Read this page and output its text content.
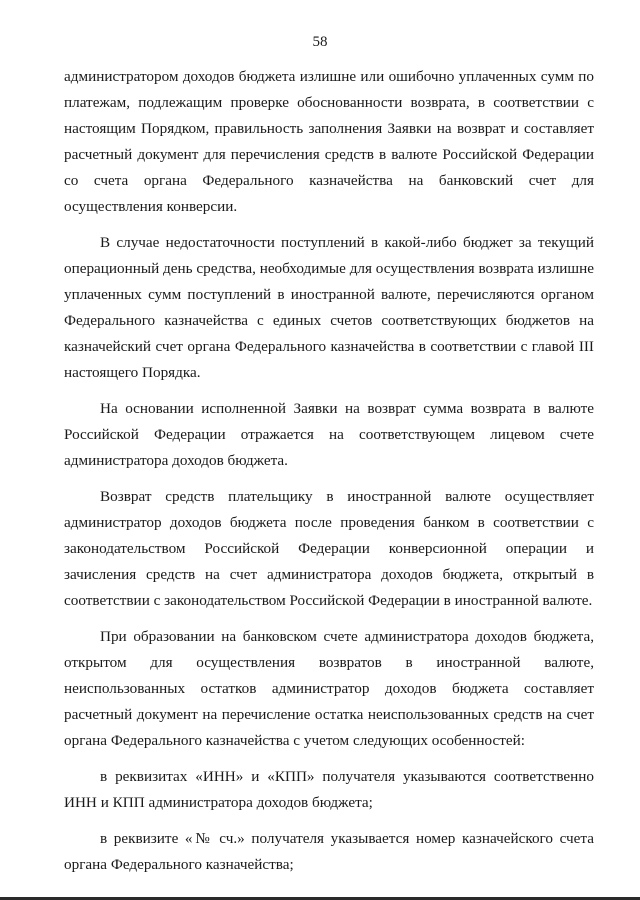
58

администратором доходов бюджета излишне или ошибочно уплаченных сумм по платежам, подлежащим проверке обоснованности возврата, в соответствии с настоящим Порядком, правильность заполнения Заявки на возврат и составляет расчетный документ для перечисления средств в валюте Российской Федерации со счета органа Федерального казначейства на банковский счет для осуществления конверсии.

В случае недостаточности поступлений в какой-либо бюджет за текущий операционный день средства, необходимые для осуществления возврата излишне уплаченных сумм поступлений в иностранной валюте, перечисляются органом Федерального казначейства с единых счетов соответствующих бюджетов на казначейский счет органа Федерального казначейства в соответствии с главой III настоящего Порядка.

На основании исполненной Заявки на возврат сумма возврата в валюте Российской Федерации отражается на соответствующем лицевом счете администратора доходов бюджета.

Возврат средств плательщику в иностранной валюте осуществляет администратор доходов бюджета после проведения банком в соответствии с законодательством Российской Федерации конверсионной операции и зачисления средств на счет администратора доходов бюджета, открытый в соответствии с законодательством Российской Федерации в иностранной валюте.

При образовании на банковском счете администратора доходов бюджета, открытом для осуществления возвратов в иностранной валюте, неиспользованных остатков администратор доходов бюджета составляет расчетный документ на перечисление остатка неиспользованных средств на счет органа Федерального казначейства с учетом следующих особенностей:

в реквизитах «ИНН» и «КПП» получателя указываются соответственно ИНН и КПП администратора доходов бюджета;

в реквизите «№ сч.» получателя указывается номер казначейского счета органа Федерального казначейства;
